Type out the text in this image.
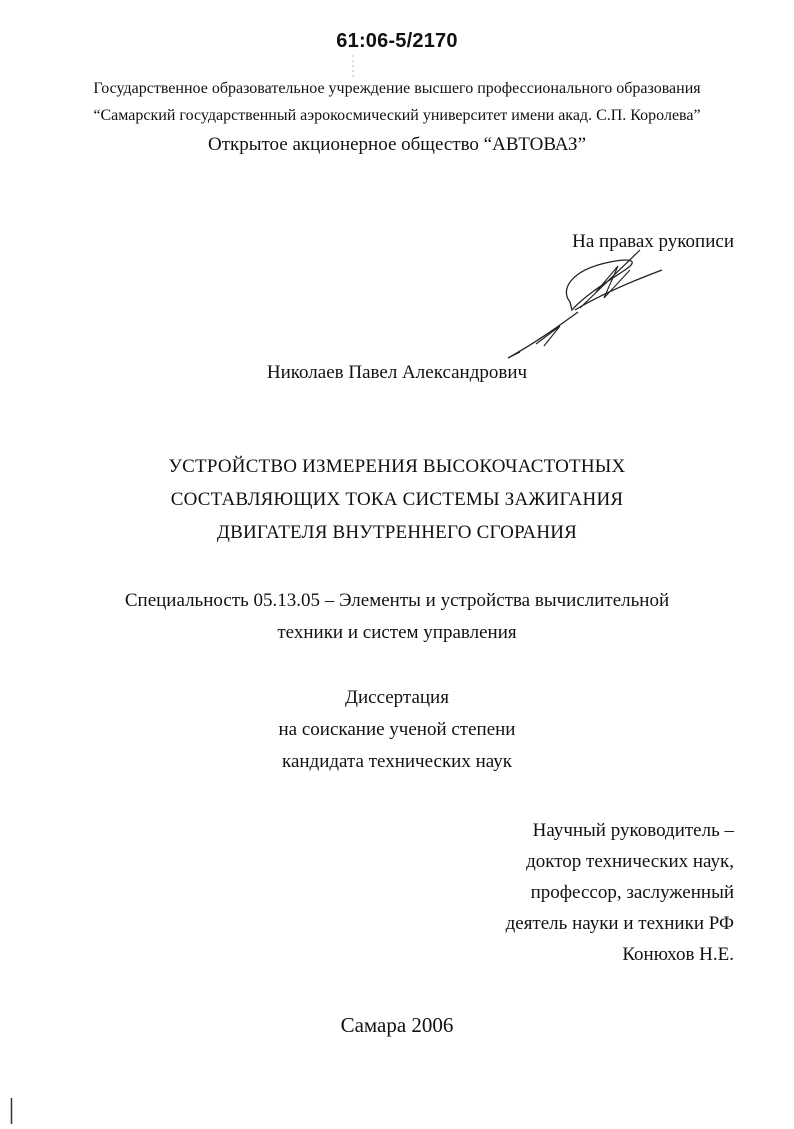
61:06-5/2170
Государственное образовательное учреждение высшего профессионального образования
“Самарский государственный аэрокосмический университет имени акад. С.П. Королева”
Открытое акционерное общество “АВТОВАЗ”
На правах рукописи
Николаев Павел Александрович
УСТРОЙСТВО ИЗМЕРЕНИЯ ВЫСОКОЧАСТОТНЫХ
СОСТАВЛЯЮЩИХ ТОКА СИСТЕМЫ ЗАЖИГАНИЯ
ДВИГАТЕЛЯ ВНУТРЕННЕГО СГОРАНИЯ
Специальность 05.13.05 – Элементы и устройства вычислительной
техники и систем управления
Диссертация
на соискание ученой степени
кандидата технических наук
Научный руководитель –
доктор технических наук,
профессор, заслуженный
деятель науки и техники РФ
Конюхов Н.Е.
Самара 2006
